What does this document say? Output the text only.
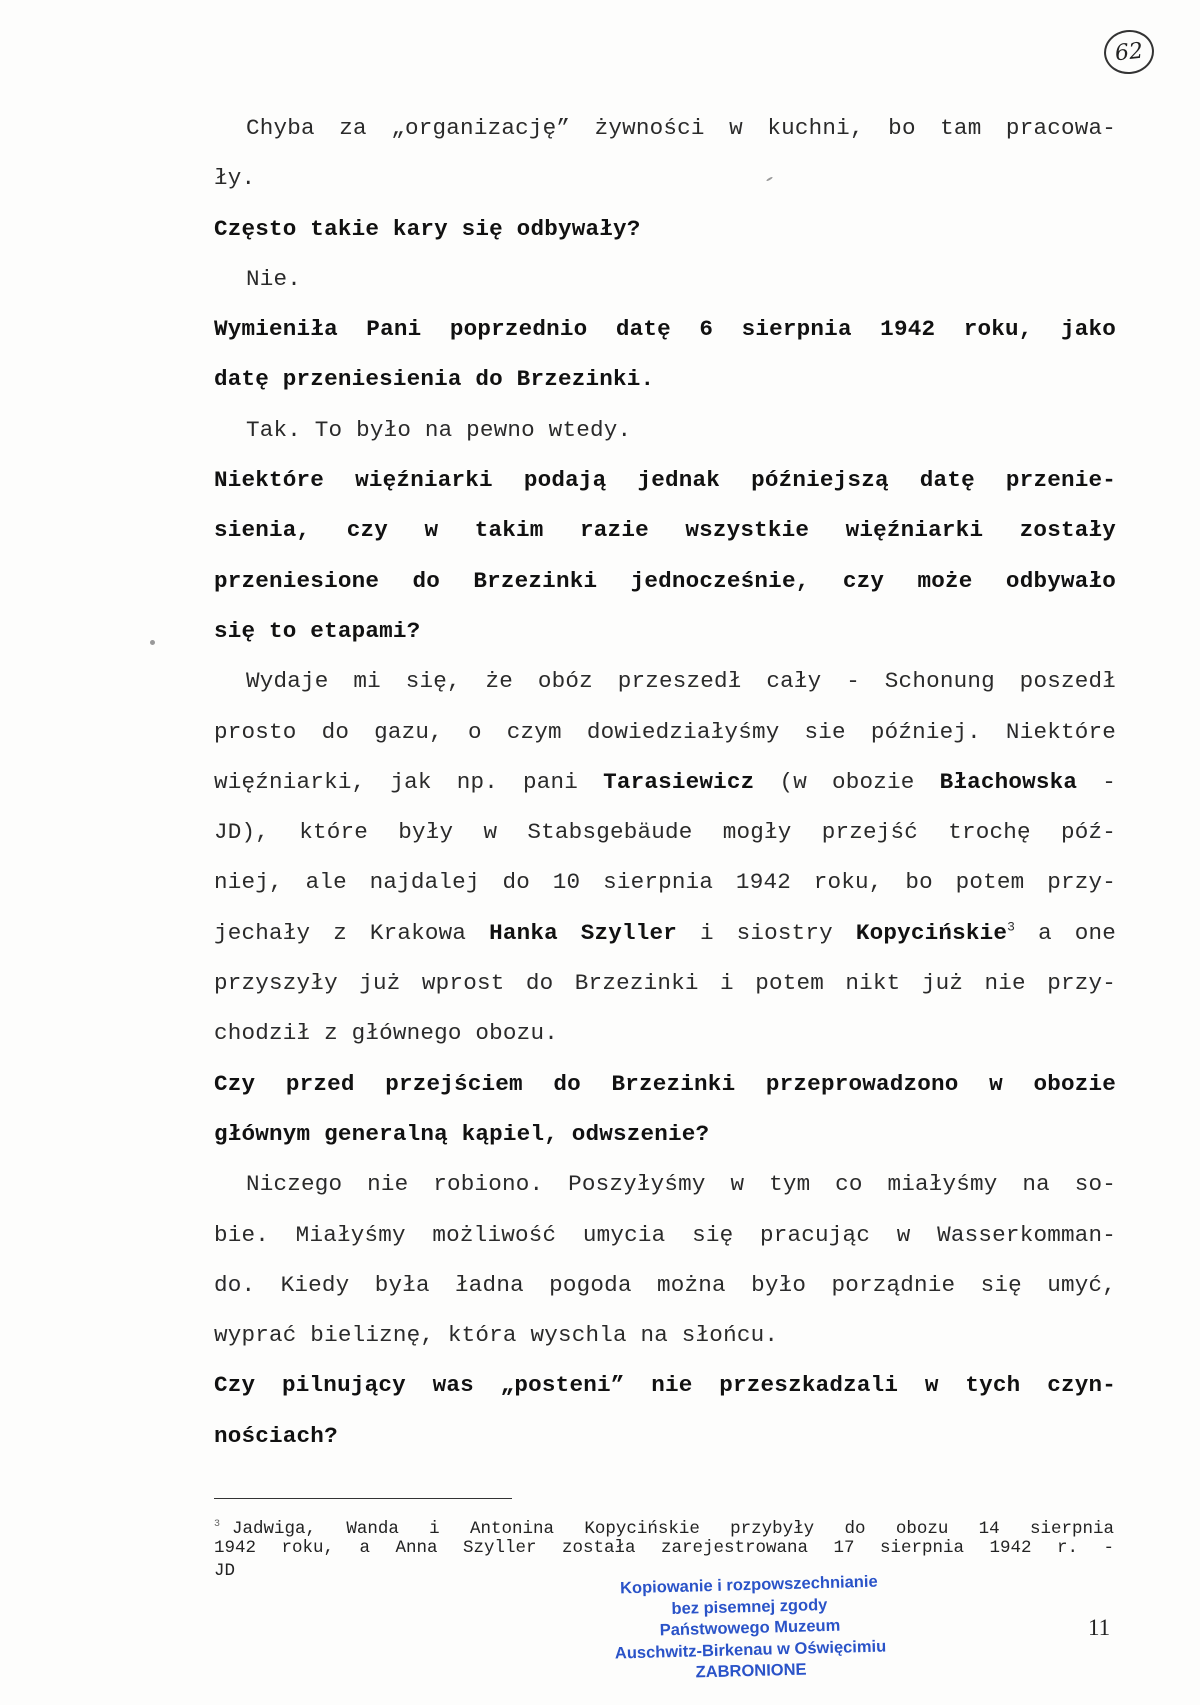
62
Chyba za „organizację” żywności w kuchni, bo tam pracowa-
ły.
Często takie kary się odbywały?
Nie.
Wymieniła Pani poprzednio datę 6 sierpnia 1942 roku, jako
datę przeniesienia do Brzezinki.
Tak. To było na pewno wtedy.
Niektóre więźniarki podają jednak późniejszą datę przenie-
sienia, czy w takim razie wszystkie więźniarki zostały
przeniesione do Brzezinki jednocześnie, czy może odbywało
się to etapami?
Wydaje mi się, że obóz przeszedł cały - Schonung poszedł
prosto do gazu, o czym dowiedziałyśmy sie później. Niektóre
więźniarki, jak np. pani Tarasiewicz (w obozie Błachowska -
JD), które były w Stabsgebäude mogły przejść trochę póź-
niej, ale najdalej do 10 sierpnia 1942 roku, bo potem przy-
jechały z Krakowa Hanka Szyller i siostry Kopycińskie$^3$ a one
przyszyły już wprost do Brzezinki i potem nikt już nie przy-
chodził z głównego obozu.
Czy przed przejściem do Brzezinki przeprowadzono w obozie
głównym generalną kąpiel, odwszenie?
Niczego nie robiono. Poszyłyśmy w tym co miałyśmy na so-
bie. Miałyśmy możliwość umycia się pracując w Wasserkomman-
do. Kiedy była ładna pogoda można było porządnie się umyć,
wyprać bieliznę, która wyschla na słońcu.
Czy pilnujący was „posteni” nie przeszkadzali w tych czyn-
nościach?
$^3$ Jadwiga, Wanda i Antonina Kopycińskie przybyły do obozu 14 sierpnia
1942 roku, a Anna Szyller została zarejestrowana 17 sierpnia 1942 r. -
JD
Kopiowanie i rozpowszechnianie
bez pisemnej zgody
Państwowego Muzeum
Auschwitz-Birkenau w Oświęcimiu
ZABRONIONE
11
